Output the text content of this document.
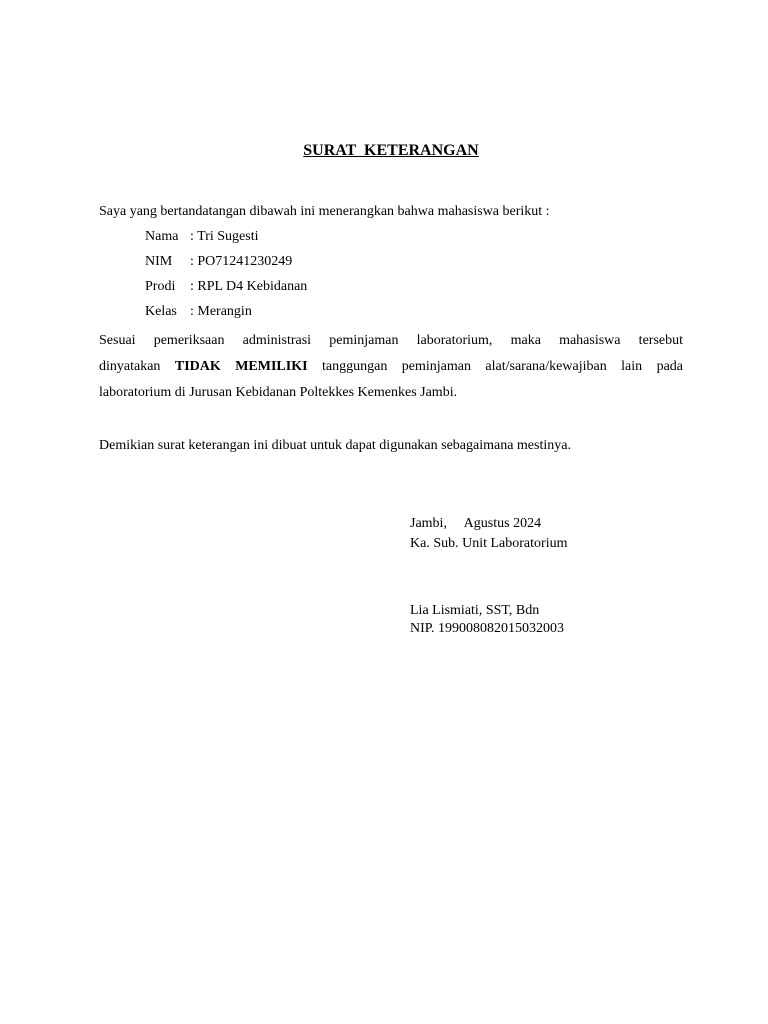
SURAT  KETERANGAN
Saya yang bertandatangan dibawah ini menerangkan bahwa mahasiswa berikut :
Nama	: Tri Sugesti
NIM	: PO71241230249
Prodi	: RPL D4 Kebidanan
Kelas	: Merangin
Sesuai pemeriksaan administrasi peminjaman laboratorium, maka mahasiswa tersebut
dinyatakan TIDAK MEMILIKI tanggungan peminjaman alat/sarana/kewajiban lain pada
laboratorium di Jurusan Kebidanan Poltekkes Kemenkes Jambi.
Demikian surat keterangan ini dibuat untuk dapat digunakan sebagaimana mestinya.
Jambi,     Agustus 2024
Ka. Sub. Unit Laboratorium
Lia Lismiati, SST, Bdn
NIP. 199008082015032003
